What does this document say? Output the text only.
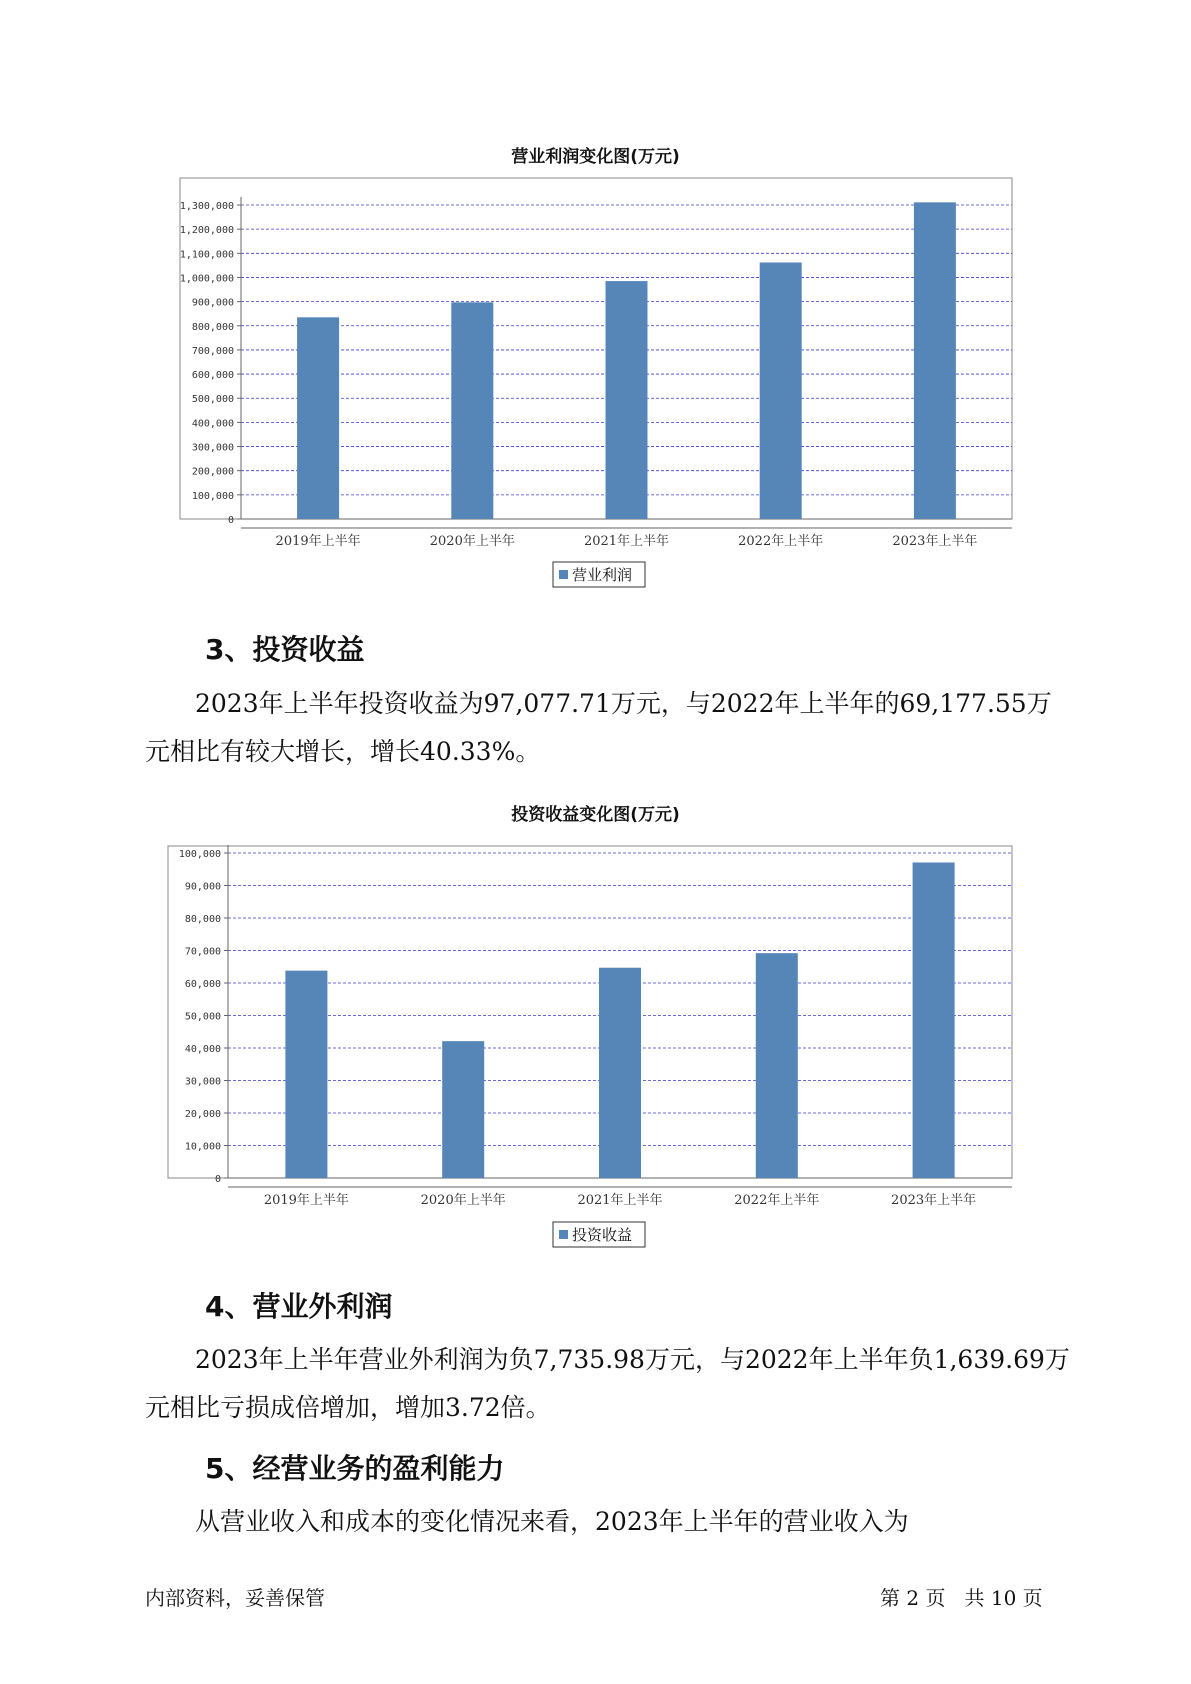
营业利润变化图(万元)
0
100,000
200,000
300,000
400,000
500,000
600,000
700,000
800,000
900,000
1,000,000
1,100,000
1,200,000
1,300,000
2019年上半年	2020年上半年	2021年上半年	2022年上半年	2023年上半年
营业利润
3、投资收益

2023年上半年投资收益为97,077.71万元，与2022年上半年的69,177.55万元相比有较大增长，增长40.33%。

投资收益变化图(万元)
0
10,000
20,000
30,000
40,000
50,000
60,000
70,000
80,000
90,000
100,000
2019年上半年	2020年上半年	2021年上半年	2022年上半年	2023年上半年
投资收益
4、营业外利润

2023年上半年营业外利润为负7,735.98万元，与2022年上半年负1,639.69万元相比亏损成倍增加，增加3.72倍。

5、经营业务的盈利能力

从营业收入和成本的变化情况来看，2023年上半年的营业收入为

内部资料，妥善保管	第 2 页   共 10 页
